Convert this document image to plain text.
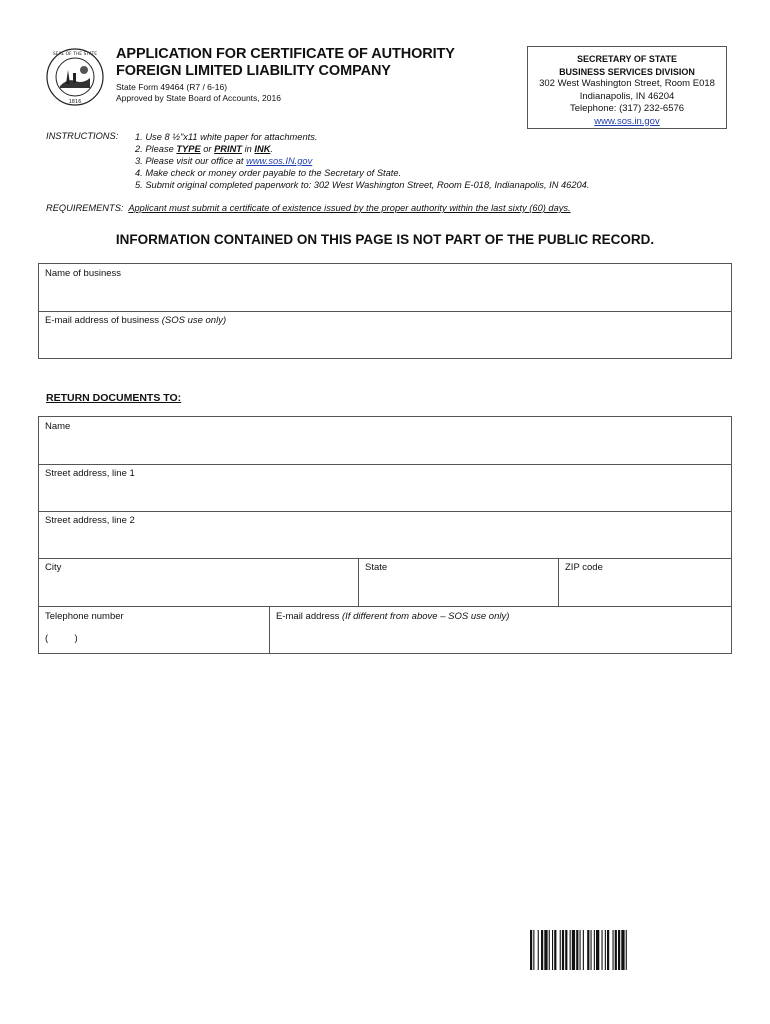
SEAL OF THE STATE
1816
APPLICATION FOR CERTIFICATE OF AUTHORITY
FOREIGN LIMITED LIABILITY COMPANY
State Form 49464 (R7 / 6-16)
Approved by State Board of Accounts, 2016
SECRETARY OF STATE
BUSINESS SERVICES DIVISION
302 West Washington Street, Room E018
Indianapolis, IN 46204
Telephone: (317) 232-6576
www.sos.in.gov
INSTRUCTIONS: 1. Use 8 ½"x11 white paper for attachments.
2. Please TYPE or PRINT in INK.
3. Please visit our office at www.sos.IN.gov
4. Make check or money order payable to the Secretary of State.
5. Submit original completed paperwork to: 302 West Washington Street, Room E-018, Indianapolis, IN 46204.
REQUIREMENTS: Applicant must submit a certificate of existence issued by the proper authority within the last sixty (60) days.
INFORMATION CONTAINED ON THIS PAGE IS NOT PART OF THE PUBLIC RECORD.
Name of business
E-mail address of business (SOS use only)
RETURN DOCUMENTS TO:
Name
Street address, line 1
Street address, line 2
City	State	ZIP code
Telephone number
(          )
E-mail address (If different from above – SOS use only)
